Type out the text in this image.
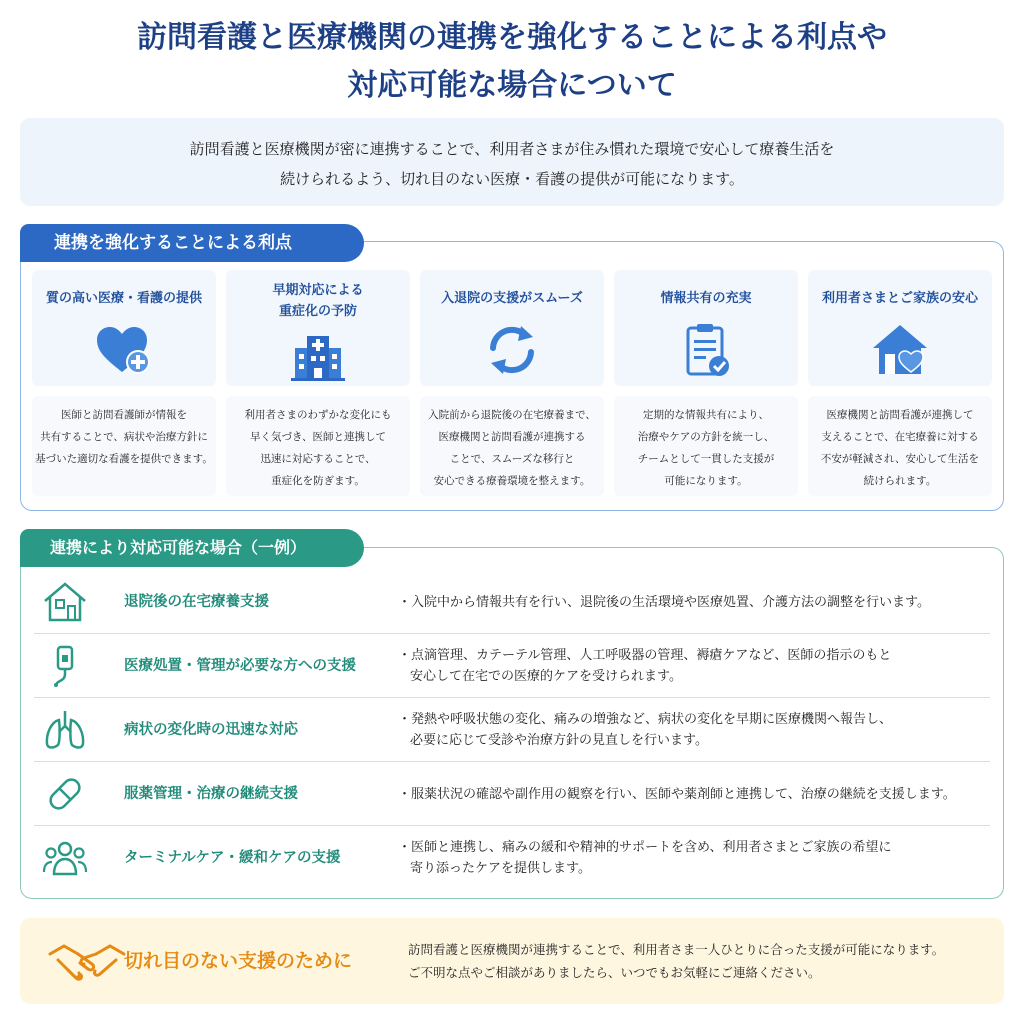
訪問看護と医療機関の連携を強化することによる利点や
対応可能な場合について
訪問看護と医療機関が密に連携することで、利用者さまが住み慣れた環境で安心して療養生活を
続けられるよう、切れ目のない医療・看護の提供が可能になります。
連携を強化することによる利点
質の高い医療・看護の提供
医師と訪問看護師が情報を
共有することで、病状や治療方針に
基づいた適切な看護を提供できます。
早期対応による
重症化の予防
利用者さまのわずかな変化にも
早く気づき、医師と連携して
迅速に対応することで、
重症化を防ぎます。
入退院の支援がスムーズ
入院前から退院後の在宅療養まで、
医療機関と訪問看護が連携する
ことで、スムーズな移行と
安心できる療養環境を整えます。
情報共有の充実
定期的な情報共有により、
治療やケアの方針を統一し、
チームとして一貫した支援が
可能になります。
利用者さまとご家族の安心
医療機関と訪問看護が連携して
支えることで、在宅療養に対する
不安が軽減され、安心して生活を
続けられます。
連携により対応可能な場合（一例）
退院後の在宅療養支援	・入院中から情報共有を行い、退院後の生活環境や医療処置、介護方法の調整を行います。
医療処置・管理が必要な方への支援
・点滴管理、カテーテル管理、人工呼吸器の管理、褥瘡ケアなど、医師の指示のもと
安心して在宅での医療的ケアを受けられます。
病状の変化時の迅速な対応
・発熱や呼吸状態の変化、痛みの増強など、病状の変化を早期に医療機関へ報告し、
必要に応じて受診や治療方針の見直しを行います。
服薬管理・治療の継続支援	・服薬状況の確認や副作用の観察を行い、医師や薬剤師と連携して、治療の継続を支援します。
ターミナルケア・緩和ケアの支援
・医師と連携し、痛みの緩和や精神的サポートを含め、利用者さまとご家族の希望に
寄り添ったケアを提供します。
切れ目のない支援のために
訪問看護と医療機関が連携することで、利用者さま一人ひとりに合った支援が可能になります。
ご不明な点やご相談がありましたら、いつでもお気軽にご連絡ください。
